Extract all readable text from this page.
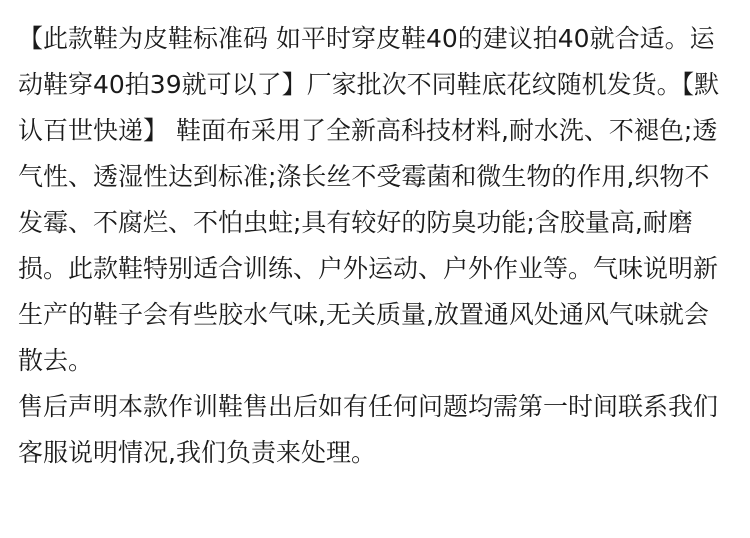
【此款鞋为皮鞋标准码 如平时穿皮鞋40的建议拍40就合适。运动鞋穿40拍39就可以了】厂家批次不同鞋底花纹随机发货。【默认百世快递】 鞋面布采用了全新高科技材料,耐水洗、不褪色;透气性、透湿性达到标准;涤长丝不受霉菌和微生物的作用,织物不发霉、不腐烂、不怕虫蛀;具有较好的防臭功能;含胶量高,耐磨损。此款鞋特别适合训练、户外运动、户外作业等。气味说明新生产的鞋子会有些胶水气味,无关质量,放置通风处通风气味就会散去。

售后声明本款作训鞋售出后如有任何问题均需第一时间联系我们客服说明情况,我们负责来处理。
